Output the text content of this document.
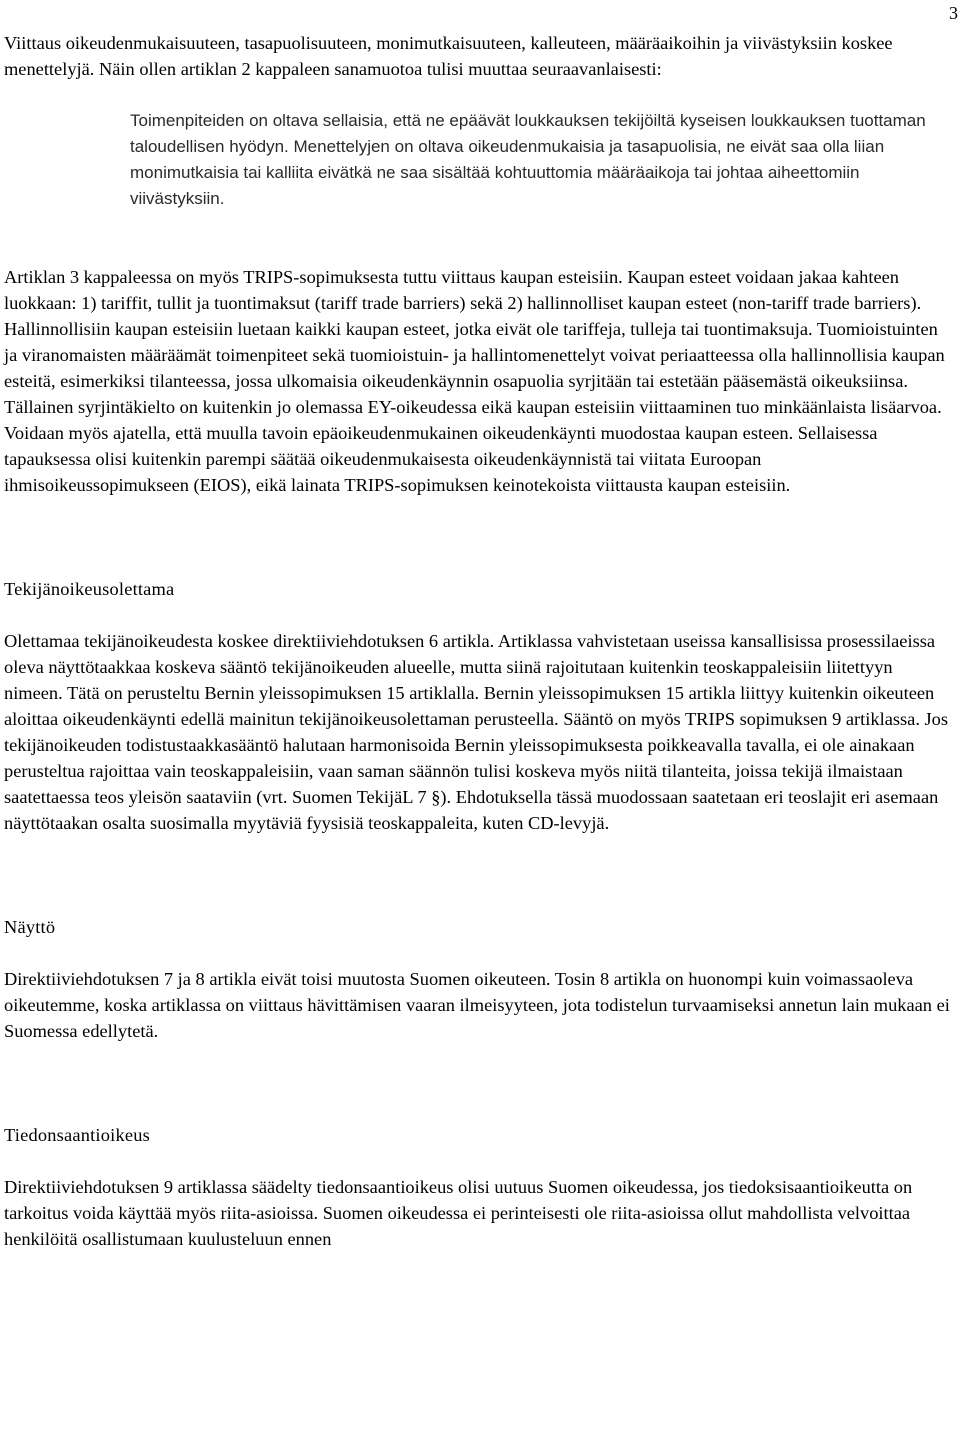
3

Viittaus oikeudenmukaisuuteen, tasapuolisuuteen, monimutkaisuuteen, kalleuteen, määräaikoihin ja viivästyksiin koskee menettelyjä. Näin ollen artiklan 2 kappaleen sanamuotoa tulisi muuttaa seuraavanlaisesti:

Toimenpiteiden on oltava sellaisia, että ne epäävät loukkauksen tekijöiltä kyseisen loukkauksen tuottaman taloudellisen hyödyn. Menettelyjen on oltava oikeudenmukaisia ja tasapuolisia, ne eivät saa olla liian monimutkaisia tai kalliita eivätkä ne saa sisältää kohtuuttomia määräaikoja tai johtaa aiheettomiin viivästyksiin.

Artiklan 3 kappaleessa on myös TRIPS-sopimuksesta tuttu viittaus kaupan esteisiin. Kaupan esteet voidaan jakaa kahteen luokkaan: 1) tariffit, tullit ja tuontimaksut (tariff trade barriers) sekä 2) hallinnolliset kaupan esteet (non-tariff trade barriers). Hallinnollisiin kaupan esteisiin luetaan kaikki kaupan esteet, jotka eivät ole tariffeja, tulleja tai tuontimaksuja. Tuomioistuinten ja viranomaisten määräämät toimenpiteet sekä tuomioistuin- ja hallintomenettelyt voivat periaatteessa olla hallinnollisia kaupan esteitä, esimerkiksi tilanteessa, jossa ulkomaisia oikeudenkäynnin osapuolia syrjitään tai estetään pääsemästä oikeuksiinsa. Tällainen syrjintäkielto on kuitenkin jo olemassa EY-oikeudessa eikä kaupan esteisiin viittaaminen tuo minkäänlaista lisäarvoa. Voidaan myös ajatella, että muulla tavoin epäoikeudenmukainen oikeudenkäynti muodostaa kaupan esteen. Sellaisessa tapauksessa olisi kuitenkin parempi säätää oikeudenmukaisesta oikeudenkäynnistä tai viitata Euroopan ihmisoikeussopimukseen (EIOS), eikä lainata TRIPS-sopimuksen keinotekoista viittausta kaupan esteisiin.

Tekijänoikeusolettama

Olettamaa tekijänoikeudesta koskee direktiiviehdotuksen 6 artikla. Artiklassa vahvistetaan useissa kansallisissa prosessilaeissa oleva näyttötaakkaa koskeva sääntö tekijänoikeuden alueelle, mutta siinä rajoitutaan kuitenkin teoskappaleisiin liitettyyn nimeen. Tätä on perusteltu Bernin yleissopimuksen 15 artiklalla. Bernin yleissopimuksen 15 artikla liittyy kuitenkin oikeuteen aloittaa oikeudenkäynti edellä mainitun tekijänoikeusolettaman perusteella. Sääntö on myös TRIPS sopimuksen 9 artiklassa. Jos tekijänoikeuden todistustaakkasääntö halutaan harmonisoida Bernin yleissopimuksesta poikkeavalla tavalla, ei ole ainakaan perusteltua rajoittaa vain teoskappaleisiin, vaan saman säännön tulisi koskeva myös niitä tilanteita, joissa tekijä ilmaistaan saatettaessa teos yleisön saataviin (vrt. Suomen TekijäL 7 §). Ehdotuksella tässä muodossaan saatetaan eri teoslajit eri asemaan näyttötaakan osalta suosimalla myytäviä fyysisiä teoskappaleita, kuten CD-levyjä.

Näyttö

Direktiiviehdotuksen 7 ja 8 artikla eivät toisi muutosta Suomen oikeuteen. Tosin 8 artikla on huonompi kuin voimassaoleva oikeutemme, koska artiklassa on viittaus hävittämisen vaaran ilmeisyyteen, jota todistelun turvaamiseksi annetun lain mukaan ei Suomessa edellytetä.

Tiedonsaantioikeus

Direktiiviehdotuksen 9 artiklassa säädelty tiedonsaantioikeus olisi uutuus Suomen oikeudessa, jos tiedoksisaantioikeutta on tarkoitus voida käyttää myös riita-asioissa. Suomen oikeudessa ei perinteisesti ole riita-asioissa ollut mahdollista velvoittaa henkilöitä osallistumaan kuulusteluun ennen
